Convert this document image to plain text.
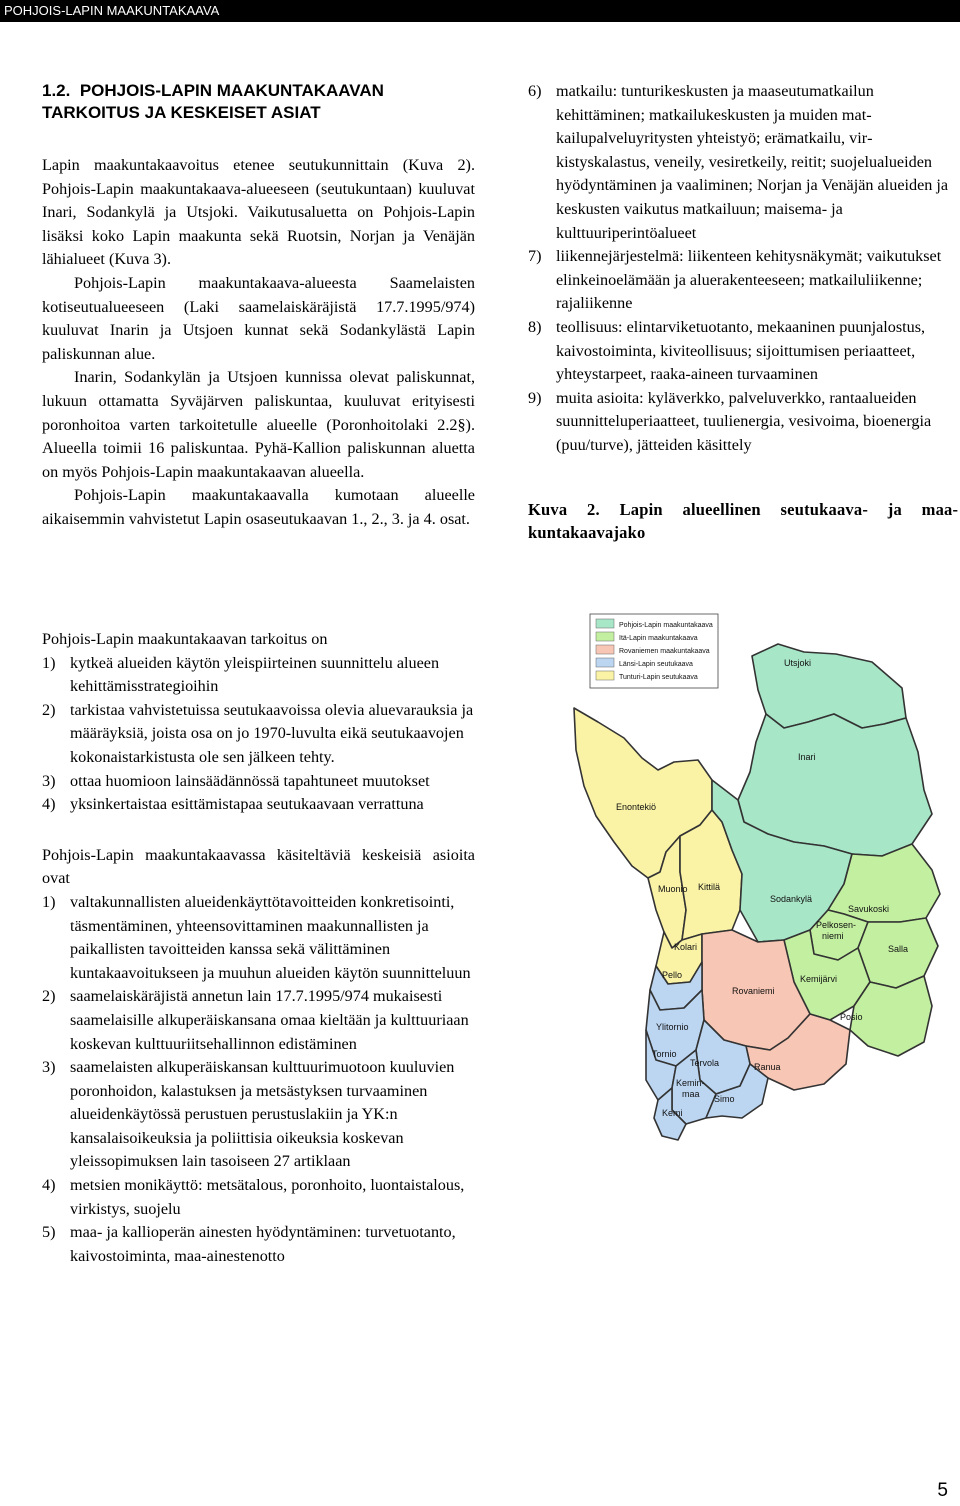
POHJOIS-LAPIN MAAKUNTAKAAVA
1.2. POHJOIS-LAPIN MAAKUNTAKAAVAN
TARKOITUS JA KESKEISET ASIAT

Lapin maakuntakaavoitus etenee seutukunnittain (Kuva 2). Pohjois-Lapin maakuntakaava-alueeseen (seutukuntaan) kuuluvat Inari, Sodankylä ja Utsjoki. Vaikutusaluetta on Pohjois-Lapin lisäksi koko Lapin maakunta sekä Ruotsin, Norjan ja Venäjän lähialueet (Kuva 3).

Pohjois-Lapin maakuntakaava-alueesta Saamelaisten kotiseutualueeseen (Laki saamelaiskäräjistä 17.7.1995/974) kuuluvat Inarin ja Utsjoen kunnat sekä Sodankylästä Lapin paliskunnan alue.

Inarin, Sodankylän ja Utsjoen kunnissa olevat paliskunnat, lukuun ottamatta Syväjärven paliskuntaa, kuuluvat erityisesti poronhoitoa varten tarkoitetulle alueelle (Poronhoitolaki 2.2§). Alueella toimii 16 paliskuntaa. Pyhä-Kallion paliskunnan aluetta on myös Pohjois-Lapin maakuntakaavan alueella.

Pohjois-Lapin maakuntakaavalla kumotaan alueelle aikaisemmin vahvistetut Lapin osaseutukaavan 1., 2., 3. ja 4. osat.

Pohjois-Lapin maakuntakaavan tarkoitus on

1) kytkeä alueiden käytön yleispiirteinen suunnittelu alueen kehittämisstrategioihin
2) tarkistaa vahvistetuissa seutukaavoissa olevia aluevarauksia ja määräyksiä, joista osa on jo 1970-luvulta eikä seutukaavojen kokonaistarkistusta ole sen jälkeen tehty.
3) ottaa huomioon lainsäädännössä tapahtuneet muutokset
4) yksinkertaistaa esittämistapaa seutukaavaan verrattuna

Pohjois-Lapin maakuntakaavassa käsiteltäviä keskeisiä asioita ovat

1) valtakunnallisten alueidenkäyttötavoitteiden konkretisointi, täsmentäminen, yhteensovittaminen maakunnallisten ja paikallisten tavoitteiden kanssa sekä välittäminen kuntakaavoitukseen ja muuhun alueiden käytön suunnitteluun
2) saamelaiskäräjistä annetun lain 17.7.1995/974 mukaisesti saamelaisille alkuperäiskansana omaa kieltään ja kulttuuriaan koskevan kulttuuriitsehallinnon edistäminen
3) saamelaisten alkuperäiskansan kulttuurimuotoon kuuluvien poronhoidon, kalastuksen ja metsästyksen turvaaminen alueidenkäytössä perustuen perustuslakiin ja YK:n kansalaisoikeuksia ja poliittisia oikeuksia koskevan yleissopimuksen lain tasoiseen 27 artiklaan
4) metsien monikäyttö: metsätalous, poronhoito, luontaistalous, virkistys, suojelu
5) maa- ja kallioperän ainesten hyödyntäminen: turvetuotanto, kaivostoiminta, maa-ainestenotto
6) matkailu: tunturikeskusten ja maaseutumatkailun kehittäminen; matkailukeskusten ja muiden matkailupalveluyritysten yhteistyö; erämatkailu, virkistyskalastus, veneily, vesiretkeily, reitit; suojelualueiden hyödyntäminen ja vaaliminen; Norjan ja Venäjän alueiden ja keskusten vaikutus matkailuun; maisema- ja kulttuuriperintöalueet
7) liikennejärjestelmä: liikenteen kehitysnäkymät; vaikutukset elinkeinoelämään ja aluerakenteeseen; matkailuliikenne; rajaliikenne
8) teollisuus: elintarviketuotanto, mekaaninen puunjalostus, kaivostoiminta, kiviteollisuus; sijoittumisen periaatteet, yhteystarpeet, raaka-aineen turvaaminen
9) muita asioita: kyläverkko, palveluverkko, rantaalueiden suunnitteluperiaatteet, tuulienergia, vesivoima, bioenergia (puu/turve), jätteiden käsittely
Kuva 2. Lapin alueellinen seutukaava- ja maakuntakaavajako
Pohjois-Lapin maakuntakaava
Itä-Lapin maakuntakaava
Rovaniemen maakuntakaava
Länsi-Lapin seutukaava
Tunturi-Lapin seutukaava
Utsjoki
Inari
Enontekiö
Muonio Kittilä
Sodankylä
Savukoski
Kolari
Pelkosen-
niemi
Salla
Pello	Kemijärvi
Rovaniemi
Ylitornio
Posio
Tornio
Tervola	Ranua
Kemin-
maa Simo
Kemi
5
